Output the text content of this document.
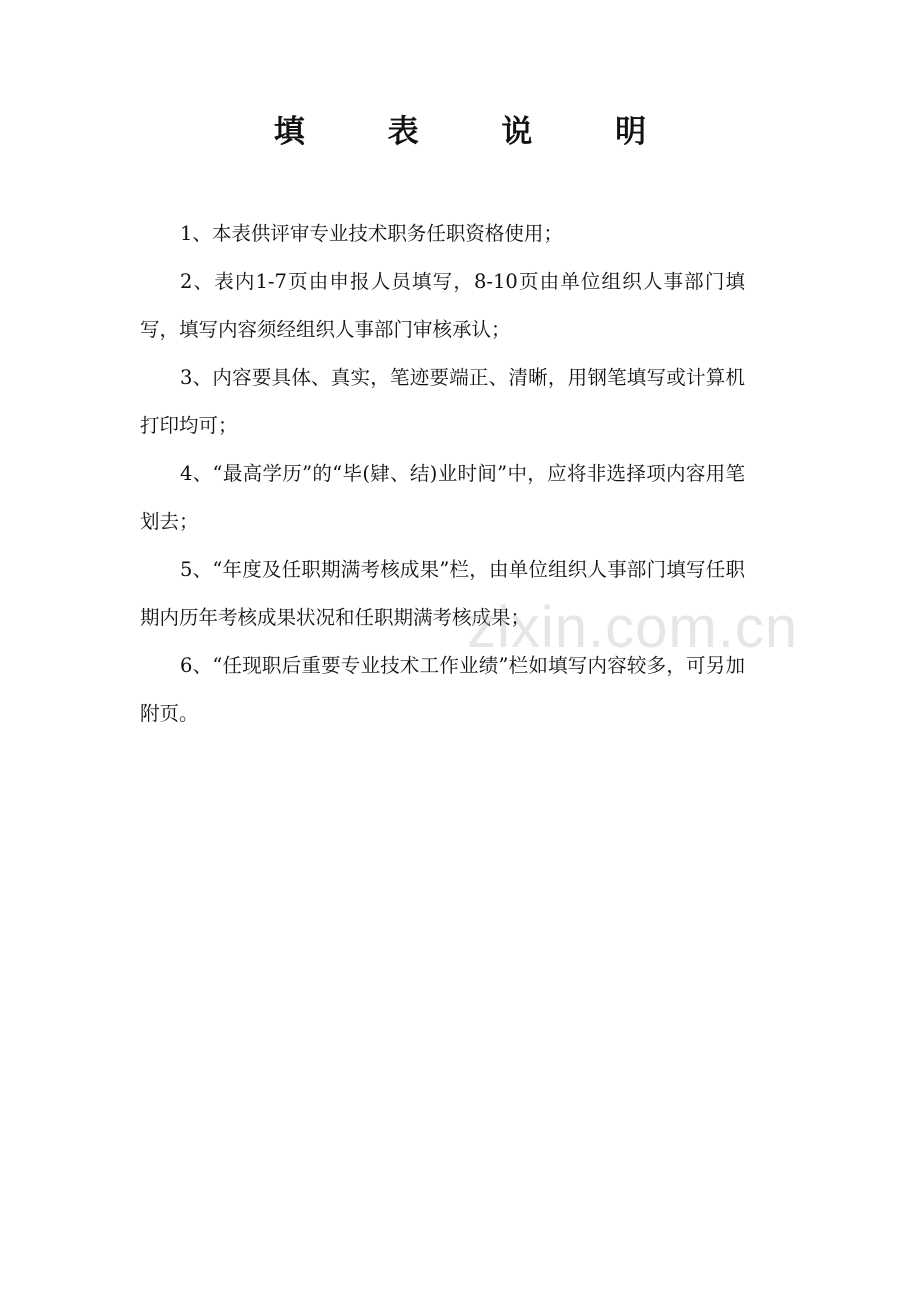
填 表 说 明

1、本表供评审专业技术职务任职资格使用；

2、表内1-7页由申报人员填写，8-10页由单位组织人事部门填写，填写内容须经组织人事部门审核承认；

3、内容要具体、真实，笔迹要端正、清晰，用钢笔填写或计算机打印均可；

4、“最高学历”的“毕(肄、结)业时间”中，应将非选择项内容用笔划去；

5、“年度及任职期满考核成果”栏，由单位组织人事部门填写任职期内历年考核成果状况和任职期满考核成果；

6、“任现职后重要专业技术工作业绩”栏如填写内容较多，可另加附页。

zixin.com.cn
